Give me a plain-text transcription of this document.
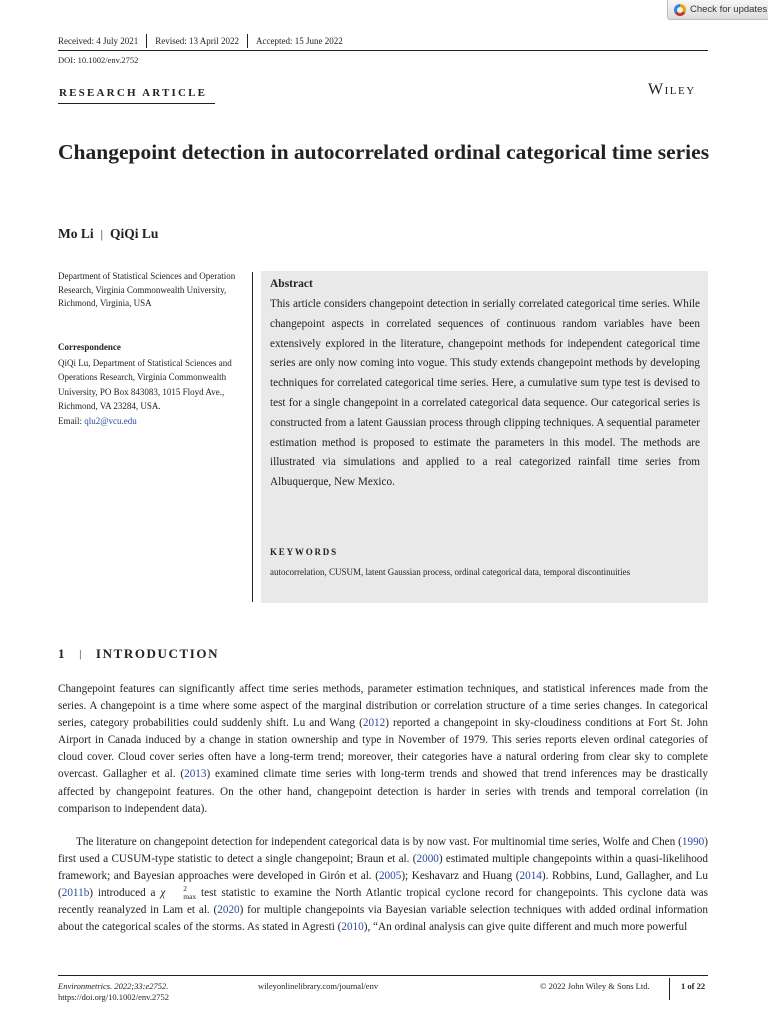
Check for updates
Received: 4 July 2021	Revised: 13 April 2022	Accepted: 15 June 2022
DOI: 10.1002/env.2752
RESEARCH ARTICLE	Wiley
Changepoint detection in autocorrelated ordinal categorical time series
Mo Li | QiQi Lu
Department of Statistical Sciences and Operation Research, Virginia Commonwealth University, Richmond, Virginia, USA
Correspondence
QiQi Lu, Department of Statistical Sciences and Operations Research, Virginia Commonwealth University, PO Box 843083, 1015 Floyd Ave., Richmond, VA 23284, USA.
Email: qlu2@vcu.edu
Abstract
This article considers changepoint detection in serially correlated categorical time series. While changepoint aspects in correlated sequences of continuous random variables have been extensively explored in the literature, changepoint methods for independent categorical time series are only now coming into vogue. This study extends changepoint methods by developing techniques for correlated categorical time series. Here, a cumulative sum type test is devised to test for a single changepoint in a correlated categorical data sequence. Our categorical series is constructed from a latent Gaussian process through clipping techniques. A sequential parameter estimation method is proposed to estimate the parameters in this model. The methods are illustrated via simulations and applied to a real categorized rainfall time series from Albuquerque, New Mexico.
KEYWORDS
autocorrelation, CUSUM, latent Gaussian process, ordinal categorical data, temporal discontinuities
1 | INTRODUCTION
Changepoint features can significantly affect time series methods, parameter estimation techniques, and statistical inferences made from the series. A changepoint is a time where some aspect of the marginal distribution or correlation structure of a time series changes. In categorical series, category probabilities could suddenly shift. Lu and Wang (2012) reported a changepoint in sky-cloudiness conditions at Fort St. John Airport in Canada induced by a change in station ownership and type in November of 1979. This series reports eleven ordinal categories of cloud cover. Cloud cover series often have a long-term trend; moreover, their categories have a natural ordering from clear sky to complete overcast. Gallagher et al. (2013) examined climate time series with long-term trends and showed that trend inferences may be drastically affected by changepoint features. On the other hand, changepoint detection is harder in series with trends and temporal correlation (in comparison to independent data).
The literature on changepoint detection for independent categorical data is by now vast. For multinomial time series, Wolfe and Chen (1990) first used a CUSUM-type statistic to detect a single changepoint; Braun et al. (2000) estimated multiple changepoints within a quasi-likelihood framework; and Bayesian approaches were developed in Girón et al. (2005); Keshavarz and Huang (2014). Robbins, Lund, Gallagher, and Lu (2011b) introduced a χ	2
max test statistic to examine the North Atlantic tropical cyclone record for changepoints. This cyclone data was recently reanalyzed in Lam et al. (2020) for multiple changepoints via Bayesian variable selection techniques with added ordinal information about the categorical scales of the storms. As stated in Agresti (2010), “An ordinal analysis can give quite different and much more powerful
Environmetrics. 2022;33:e2752.
https://doi.org/10.1002/env.2752
wileyonlinelibrary.com/journal/env	© 2022 John Wiley & Sons Ltd.	1 of 22
